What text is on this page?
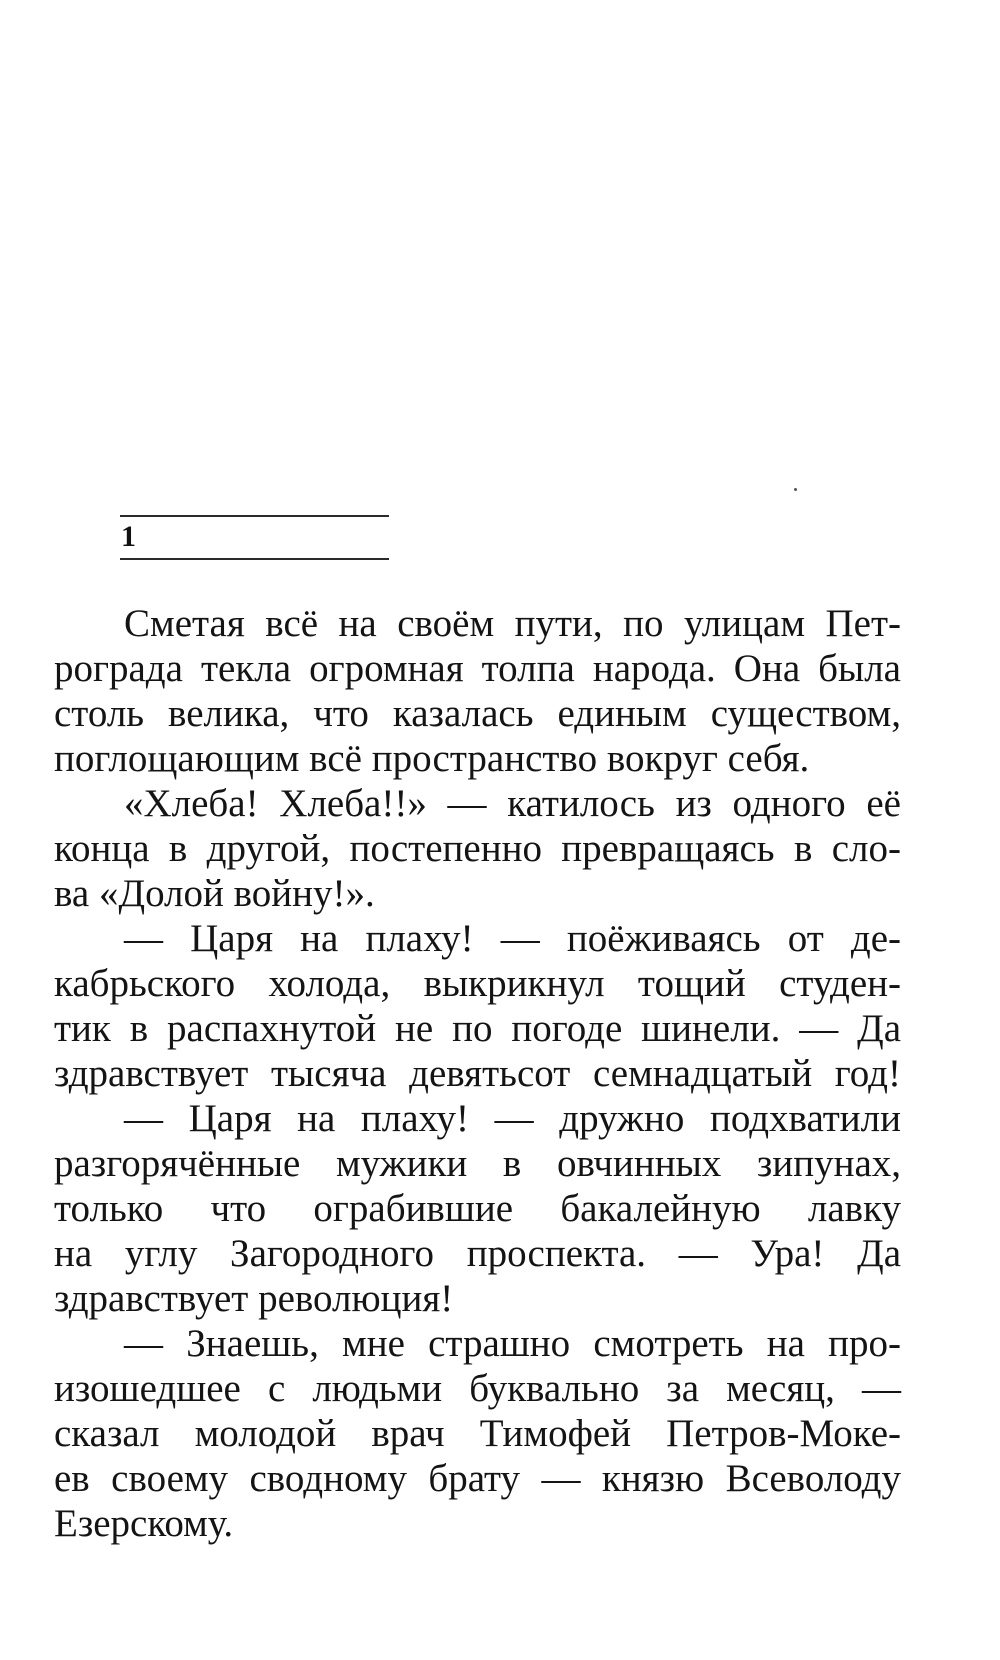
1
Сметая всё на своём пути, по улицам Пет-
рограда текла огромная толпа народа. Она была
столь велика, что казалась единым существом,
поглощающим всё пространство вокруг себя.
«Хлеба! Хлеба!!» — катилось из одного её
конца в другой, постепенно превращаясь в сло-
ва «Долой войну!».
— Царя на плаху! — поёживаясь от де-
кабрьского холода, выкрикнул тощий студен-
тик в распахнутой не по погоде шинели. — Да
здравствует тысяча девятьсот семнадцатый год!
— Царя на плаху! — дружно подхватили
разгорячённые мужики в овчинных зипунах,
только что ограбившие бакалейную лавку
на углу Загородного проспекта. — Ура! Да
здравствует революция!
— Знаешь, мне страшно смотреть на про-
изошедшее с людьми буквально за месяц, —
сказал молодой врач Тимофей Петров-Моке-
ев своему сводному брату — князю Всеволоду
Езерскому.
